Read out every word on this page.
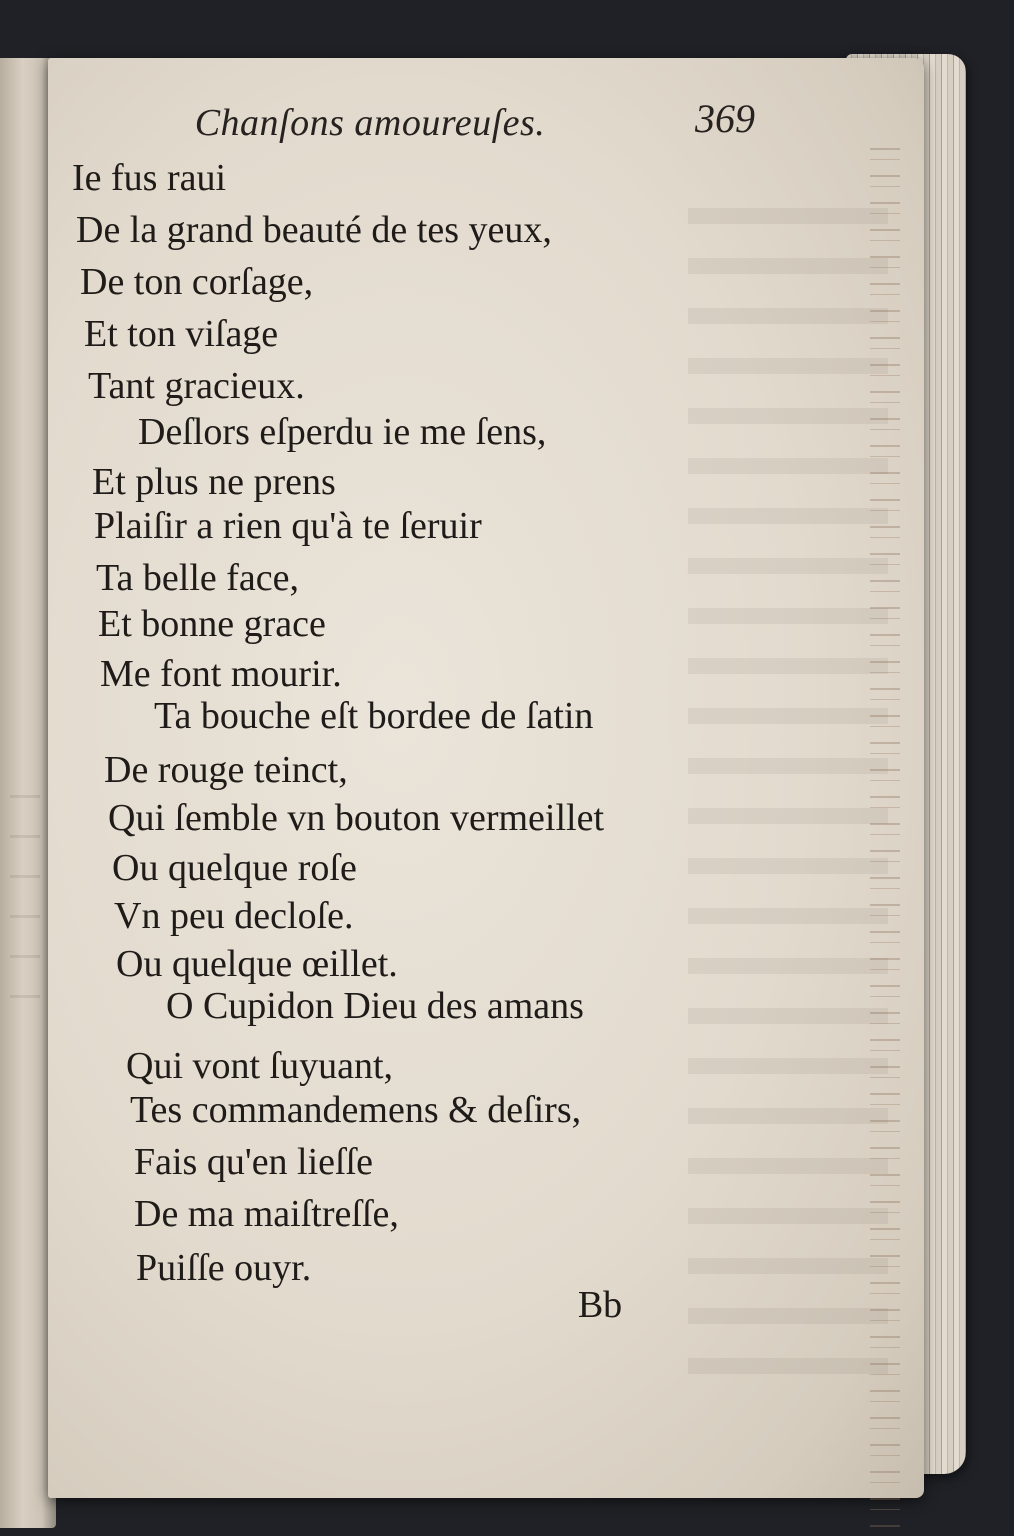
Chanſons amoureuſes.	369
Ie fus raui
De la grand beauté de tes yeux,
De ton corſage,
Et ton viſage
Tant gracieux.
Deſlors eſperdu ie me ſens,
Et plus ne prens
Plaiſir a rien qu'à te ſeruir
Ta belle face,
Et bonne grace
Me font mourir.
Ta bouche eſt bordee de ſatin
De rouge teinct,
Qui ſemble vn bouton vermeillet
Ou quelque roſe
Vn peu decloſe.
Ou quelque œillet.
O Cupidon Dieu des amans
Qui vont ſuyuant,
Tes commandemens & deſirs,
Fais qu'en lieſſe
De ma maiſtreſſe,
Puiſſe ouyr.
Bb
